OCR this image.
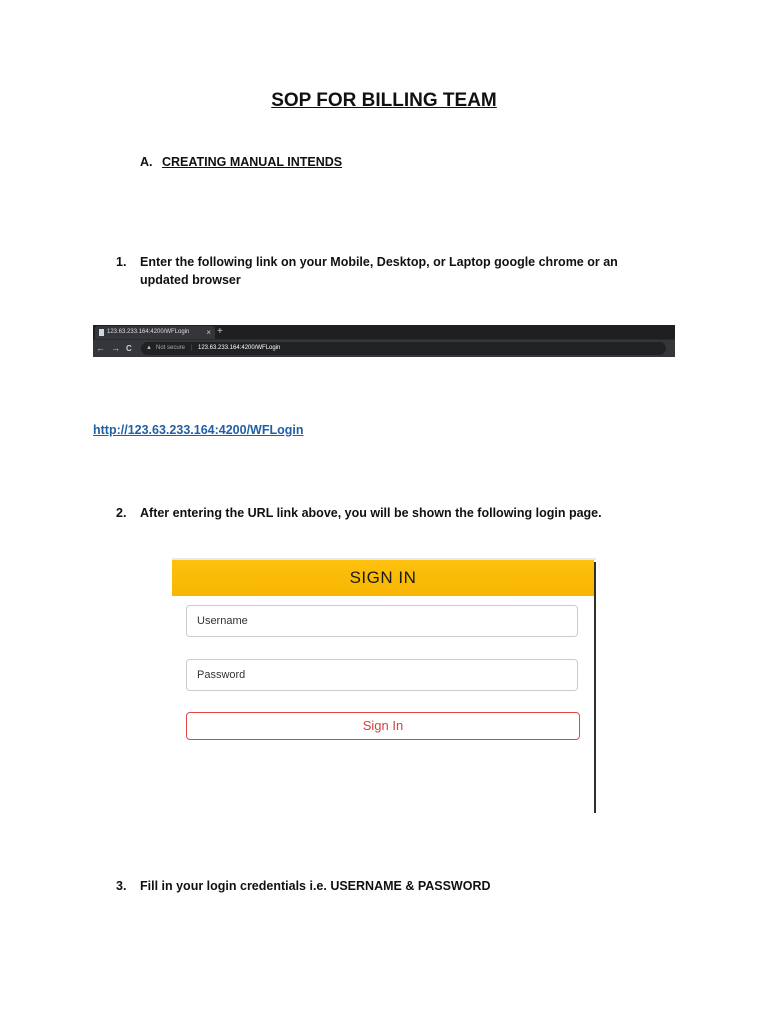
SOP FOR BILLING TEAM
A. CREATING MANUAL INTENDS
1.	Enter the following link on your Mobile, Desktop, or Laptop google chrome or an updated browser
123.63.233.164:4200/WFLogin × +
← → C ▲ Not secure | 123.63.233.164:4200/WFLogin
http://123.63.233.164:4200/WFLogin
2.	After entering the URL link above, you will be shown the following login page.
SIGN IN
Username
Password
Sign In
3.	Fill in your login credentials i.e. USERNAME & PASSWORD
